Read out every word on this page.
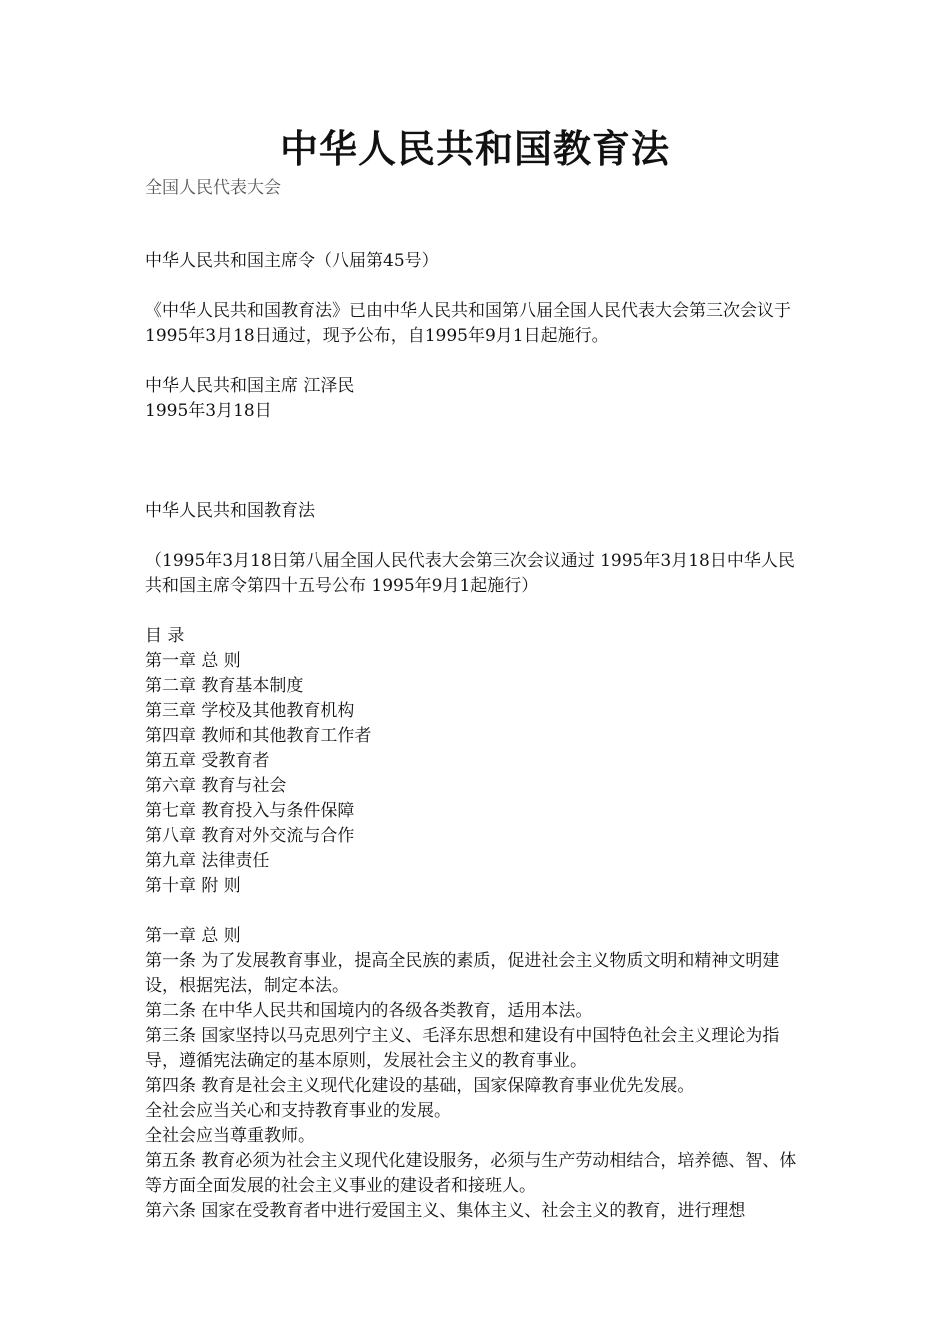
中华人民共和国教育法
全国人民代表大会

中华人民共和国主席令（八届第45号）

《中华人民共和国教育法》已由中华人民共和国第八届全国人民代表大会第三次会议于1995年3月18日通过，现予公布，自1995年9月1日起施行。

中华人民共和国主席 江泽民

1995年3月18日

中华人民共和国教育法

（1995年3月18日第八届全国人民代表大会第三次会议通过 1995年3月18日中华人民共和国主席令第四十五号公布 1995年9月1起施行）

目 录

第一章 总 则
第二章 教育基本制度
第三章 学校及其他教育机构
第四章 教师和其他教育工作者
第五章 受教育者
第六章 教育与社会
第七章 教育投入与条件保障
第八章 教育对外交流与合作
第九章 法律责任
第十章 附 则

第一章 总 则

第一条 为了发展教育事业，提高全民族的素质，促进社会主义物质文明和精神文明建设，根据宪法，制定本法。
第二条 在中华人民共和国境内的各级各类教育，适用本法。
第三条 国家坚持以马克思列宁主义、毛泽东思想和建设有中国特色社会主义理论为指导，遵循宪法确定的基本原则，发展社会主义的教育事业。
第四条 教育是社会主义现代化建设的基础，国家保障教育事业优先发展。
全社会应当关心和支持教育事业的发展。
全社会应当尊重教师。
第五条 教育必须为社会主义现代化建设服务，必须与生产劳动相结合，培养德、智、体等方面全面发展的社会主义事业的建设者和接班人。
第六条 国家在受教育者中进行爱国主义、集体主义、社会主义的教育，进行理想
